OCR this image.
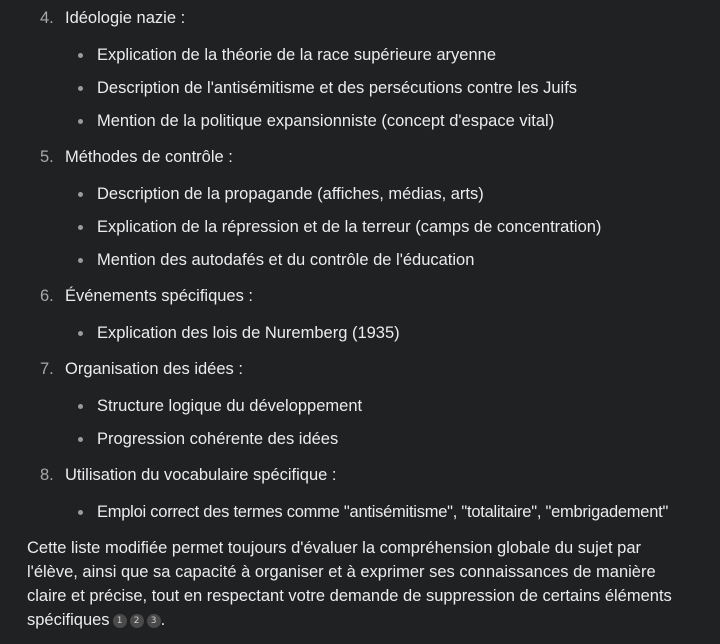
4. Idéologie nazie :
Explication de la théorie de la race supérieure aryenne
Description de l'antisémitisme et des persécutions contre les Juifs
Mention de la politique expansionniste (concept d'espace vital)
5. Méthodes de contrôle :
Description de la propagande (affiches, médias, arts)
Explication de la répression et de la terreur (camps de concentration)
Mention des autodafés et du contrôle de l'éducation
6. Événements spécifiques :
Explication des lois de Nuremberg (1935)
7. Organisation des idées :
Structure logique du développement
Progression cohérente des idées
8. Utilisation du vocabulaire spécifique :
Emploi correct des termes comme "antisémitisme", "totalitaire", "embrigadement"
Cette liste modifiée permet toujours d'évaluer la compréhension globale du sujet par
l'élève, ainsi que sa capacité à organiser et à exprimer ses connaissances de manière
claire et précise, tout en respectant votre demande de suppression de certains éléments
spécifiques 1 2 3 .
